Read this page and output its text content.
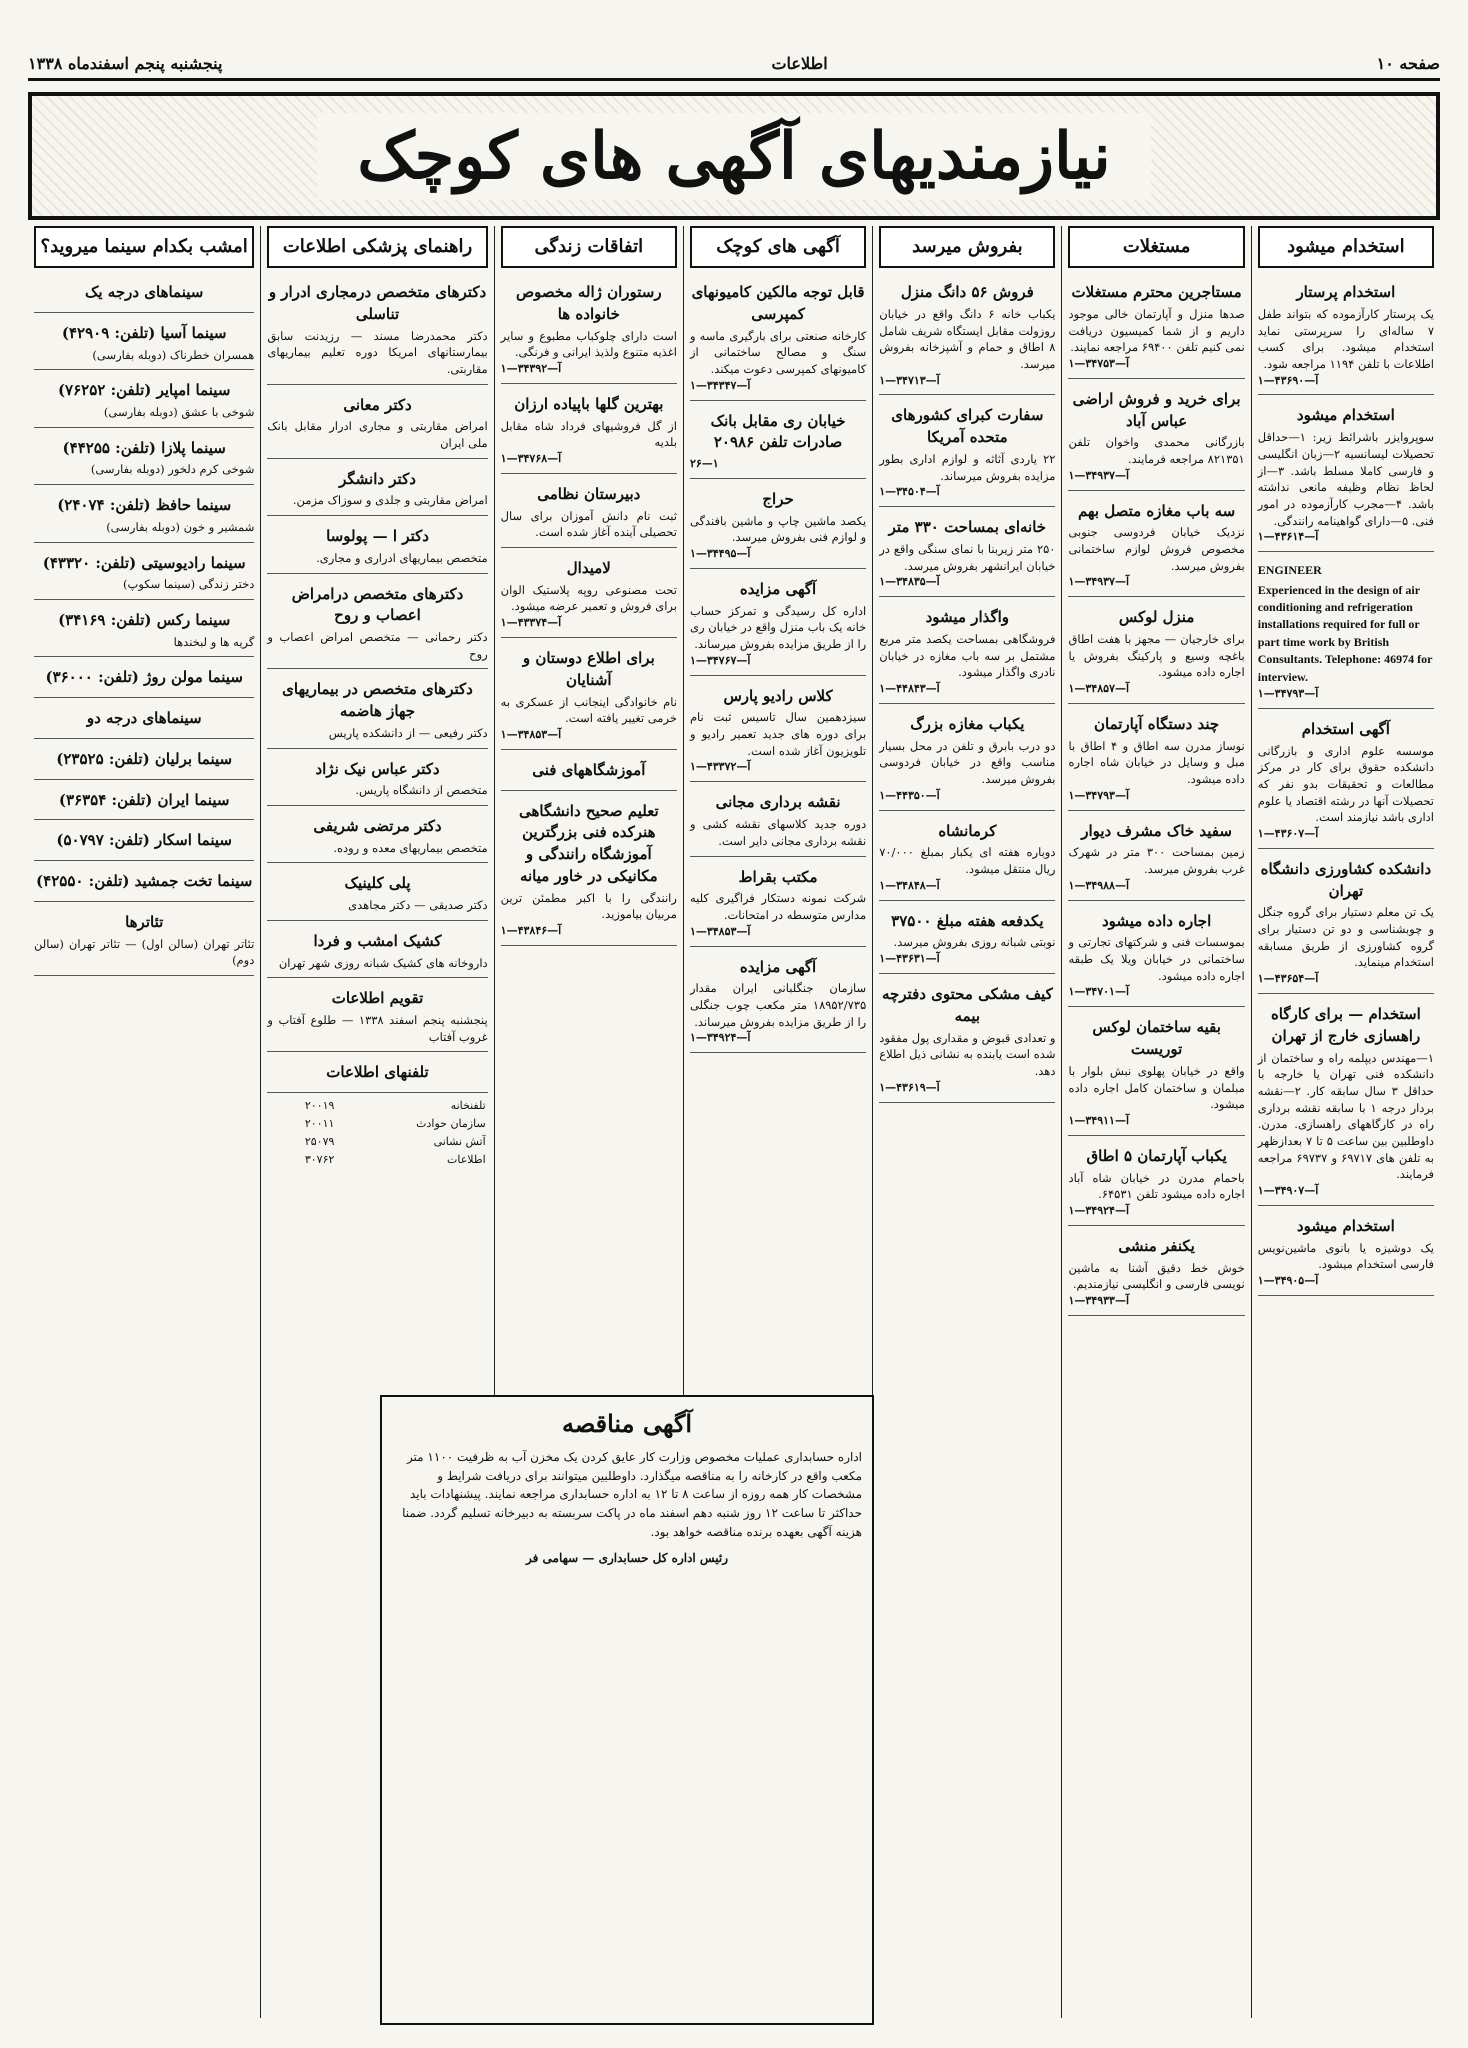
صفحه ۱۰
اطلاعات
پنجشنبه پنجم اسفندماه ۱۳۳۸
نیازمندیهای آگهی های کوچک
استخدام میشود
استخدام پرستار
یک پرستار کارآزموده که بتواند طفل ۷ ساله‌ای را سرپرستی نماید استخدام میشود. برای کسب اطلاعات با تلفن ۱۱۹۴ مراجعه شود.
آ—۴۳۶۹۰—۱
استخدام میشود
سوپروایزر باشرائط زیر: ۱—حداقل تحصیلات لیسانسیه ۲—زبان انگلیسی و فارسی کاملا مسلط باشد. ۳—از لحاظ نظام وظیفه مانعی نداشته باشد. ۴—مجرب کارآزموده در امور فنی. ۵—دارای گواهینامه رانندگی.
آ—۴۳۶۱۴—۱
ENGINEER
Experienced in the design of air conditioning and refrigeration installations required for full or part time work by British Consultants. Telephone: 46974 for interview.
آ—۳۴۷۹۳—۱
آگهی استخدام
موسسه علوم اداری و بازرگانی دانشکده حقوق برای کار در مرکز مطالعات و تحقیقات بدو نفر که تحصیلات آنها در رشته اقتصاد یا علوم اداری باشد نیازمند است.
آ—۴۳۶۰۷—۱
دانشکده کشاورزی دانشگاه تهران
یک تن معلم دستیار برای گروه جنگل و چوبشناسی و دو تن دستیار برای گروه کشاورزی از طریق مسابقه استخدام مینماید.
آ—۴۳۶۵۴—۱
استخدام — برای کارگاه راهسازی خارج از تهران
۱—مهندس دیپلمه راه و ساختمان از دانشکده فنی تهران یا خارجه با حداقل ۳ سال سابقه کار. ۲—نقشه بردار درجه ۱ با سابقه نقشه برداری راه در کارگاههای راهسازی. مدرن. داوطلبین بین ساعت ۵ تا ۷ بعدازظهر به تلفن های ۶۹۷۱۷ و ۶۹۷۳۷ مراجعه فرمایند.
آ—۳۴۹۰۷—۱
استخدام میشود
یک دوشیزه یا بانوی ماشین‌نویس فارسی استخدام میشود.
آ—۳۴۹۰۵—۱
مستغلات
مستاجرین محترم مستغلات
صدها منزل و آپارتمان خالی موجود داریم و از شما کمیسیون دریافت نمی کنیم تلفن ۶۹۴۰۰ مراجعه نمایند.
آ—۳۴۷۵۳—۱
برای خرید و فروش اراضی عباس آباد
بازرگانی محمدی واخوان تلفن ۸۲۱۳۵۱ مراجعه فرمایند.
آ—۳۴۹۳۷—۱
سه باب مغازه متصل بهم
نزدیک خیابان فردوسی جنوبی مخصوص فروش لوازم ساختمانی بفروش میرسد.
آ—۳۴۹۳۷—۱
منزل لوکس
برای خارجیان — مجهز با هفت اطاق باغچه وسیع و پارکینگ بفروش یا اجاره داده میشود.
آ—۳۴۸۵۷—۱
چند دستگاه آپارتمان
نوساز مدرن سه اطاق و ۴ اطاق با مبل و وسایل در خیابان شاه اجاره داده میشود.
آ—۳۴۷۹۳—۱
سفید خاک مشرف دیوار
زمین بمساحت ۳۰۰ متر در شهرک غرب بفروش میرسد.
آ—۳۴۹۸۸—۱
اجاره داده میشود
بموسسات فنی و شرکتهای تجارتی و ساختمانی در خیابان ویلا یک طبقه اجاره داده میشود.
آ—۳۴۷۰۱—۱
بقیه ساختمان لوکس توریست
واقع در خیابان پهلوی نبش بلوار با مبلمان و ساختمان کامل اجاره داده میشود.
آ—۳۴۹۱۱—۱
یکباب آپارتمان ۵ اطاق
باحمام مدرن در خیابان شاه آباد اجاره داده میشود تلفن ۶۴۵۳۱.
آ—۳۴۹۲۴—۱
یکنفر منشی
خوش خط دقیق آشنا به ماشین نویسی فارسی و انگلیسی نیازمندیم.
آ—۳۴۹۳۳—۱
بفروش میرسد
فروش ۵۶ دانگ منزل
یکباب خانه ۶ دانگ واقع در خیابان روزولت مقابل ایستگاه شریف شامل ۸ اطاق و حمام و آشپزخانه بفروش میرسد.
آ—۳۴۷۱۳—۱
سفارت کبرای کشورهای متحده آمریکا
۲۲ یاردی آثاثه و لوازم اداری بطور مزایده بفروش میرساند.
آ—۳۴۵۰۴—۱
خانه‌ای بمساحت ۳۳۰ متر
۲۵۰ متر زیربنا با نمای سنگی واقع در خیابان ایرانشهر بفروش میرسد.
آ—۳۴۸۳۵—۱
واگذار میشود
فروشگاهی بمساحت یکصد متر مربع مشتمل بر سه باب مغازه در خیابان نادری واگذار میشود.
آ—۴۴۸۴۳—۱
یکباب مغازه بزرگ
دو درب بابرق و تلفن در محل بسیار مناسب واقع در خیابان فردوسی بفروش میرسد.
آ—۴۴۳۵۰—۱
کرمانشاه
دوباره هفته ای یکبار بمبلغ ۷۰/۰۰۰ ریال منتقل میشود.
آ—۳۴۸۴۸—۱
یکدفعه هفته مبلغ ۳۷۵۰۰
نوبتی شبانه روزی بفروش میرسد.
آ—۴۳۶۳۱—۱
کیف مشکی محتوی دفترچه بیمه
و تعدادی قبوض و مقداری پول مفقود شده است یابنده به نشانی ذیل اطلاع دهد.
آ—۴۳۶۱۹—۱
آگهی های کوچک
قابل توجه مالکین کامیونهای کمپرسی
کارخانه صنعتی برای بارگیری ماسه و سنگ و مصالح ساختمانی از کامیونهای کمپرسی دعوت میکند.
آ—۳۴۳۴۷—۱
خیابان ری مقابل بانک صادرات تلفن ۲۰۹۸۶
۲۶—۱
حراج
یکصد ماشین چاپ و ماشین بافندگی و لوازم فنی بفروش میرسد.
آ—۳۴۴۹۵—۱
آگهی مزایده
اداره کل رسیدگی و تمرکز حساب خانه یک باب منزل واقع در خیابان ری را از طریق مزایده بفروش میرساند.
آ—۳۴۷۶۷—۱
کلاس رادیو پارس
سیزدهمین سال تاسیس ثبت نام برای دوره های جدید تعمیر رادیو و تلویزیون آغاز شده است.
آ—۴۳۳۷۲—۱
نقشه برداری مجانی
دوره جدید کلاسهای نقشه کشی و نقشه برداری مجانی دایر است.
مکتب بقراط
شرکت نمونه دستکار فراگیری کلیه مدارس متوسطه در امتحانات.
آ—۳۴۸۵۳—۱
آگهی مزایده
سازمان جنگلبانی ایران مقدار ۱۸۹۵۲/۷۳۵ متر مکعب چوب جنگلی را از طریق مزایده بفروش میرساند.
آ—۳۴۹۲۴—۱
اتفاقات زندگی
رستوران ژاله مخصوص خانواده ها
است دارای چلوکباب مطبوع و سایر اغذیه متنوع ولذیذ ایرانی و فرنگی.
آ—۳۴۳۹۲—۱
بهترین گلها باپیاده ارزان
از گل فروشیهای فرداد شاه مقابل بلدیه
آ—۳۴۷۶۸—۱
دبیرستان نظامی
ثبت نام دانش آموزان برای سال تحصیلی آینده آغاز شده است.
لامیدال
تحت مصنوعی روپه پلاستیک الوان برای فروش و تعمیر عرضه میشود.
آ—۴۳۳۷۴—۱
برای اطلاع دوستان و آشنایان
نام خانوادگی اینجانب از عسکری به خرمی تغییر یافته است.
آ—۳۴۸۵۳—۱
آموزشگاههای فنی
تعلیم صحیح دانشگاهی هنرکده فنی بزرگترین آموزشگاه رانندگی و مکانیکی در خاور میانه
رانندگی را با اکبر مطمئن ترین مربیان بیاموزید.
آ—۴۳۸۴۶—۱
راهنمای پزشکی اطلاعات
دکترهای متخصص درمجاری ادرار و تناسلی
دکتر محمدرضا مسند — رزیدنت سابق بیمارستانهای امریکا دوره تعلیم بیماریهای مقاربتی.
دکتر معانی
امراض مقاربتی و مجاری ادرار مقابل بانک ملی ایران
دکتر دانشگر
امراض مقاربتی و جلدی و سوزاک مزمن.
دکتر ا — پولوسا
متخصص بیماریهای ادراری و مجاری.
دکترهای متخصص درامراض اعصاب و روح
دکتر رحمانی — متخصص امراض اعصاب و روح
دکترهای متخصص در بیماریهای جهاز هاضمه
دکتر رفیعی — از دانشکده پاریس
دکتر عباس نیک نژاد
متخصص از دانشگاه پاریس.
دکتر مرتضی شریفی
متخصص بیماریهای معده و روده.
پلی کلینیک
دکتر صدیقی — دکتر مجاهدی
کشیک امشب و فردا
داروخانه های کشیک شبانه روزی شهر تهران
تقویم اطلاعات
پنجشنبه پنجم اسفند ۱۳۳۸ — طلوع آفتاب و غروب آفتاب
تلفنهای اطلاعات
تلفنخانه	۲۰۰۱۹
سازمان حوادث	۲۰۰۱۱
آتش نشانی	۲۵۰۷۹
اطلاعات	۳۰۷۶۲
امشب بکدام سینما میروید؟
سینماهای درجه یک
سینما آسیا (تلفن: ۴۲۹۰۹)
همسران خطرناک (دوبله بفارسی)
سینما امپایر (تلفن: ۷۶۲۵۲)
شوخی با عشق (دوبله بفارسی)
سینما پلازا (تلفن: ۴۴۲۵۵)
شوخی کرم دلخور (دوبله بفارسی)
سینما حافظ (تلفن: ۲۴۰۷۴)
شمشیر و خون (دوبله بفارسی)
سینما رادیوسیتی (تلفن: ۴۳۳۲۰)
دختر زندگی (سینما سکوپ)
سینما رکس (تلفن: ۳۴۱۶۹)
گریه ها و لبخندها
سینما مولن روژ (تلفن: ۳۶۰۰۰)
سینماهای درجه دو
سینما برلیان (تلفن: ۲۳۵۲۵)
سینما ایران (تلفن: ۳۶۳۵۴)
سینما اسکار (تلفن: ۵۰۷۹۷)
سینما تخت جمشید (تلفن: ۴۲۵۵۰)
تئاترها
تئاتر تهران (سالن اول) — تئاتر تهران (سالن دوم)
آگهی مناقصه
اداره حسابداری عملیات مخصوص وزارت کار عایق کردن یک مخزن آب به ظرفیت ۱۱۰۰ متر مکعب واقع در کارخانه را به مناقصه میگذارد. داوطلبین میتوانند برای دریافت شرایط و مشخصات کار همه روزه از ساعت ۸ تا ۱۲ به اداره حسابداری مراجعه نمایند. پیشنهادات باید حداکثر تا ساعت ۱۲ روز شنبه دهم اسفند ماه در پاکت سربسته به دبیرخانه تسلیم گردد. ضمنا هزینه آگهی بعهده برنده مناقصه خواهد بود.
رئیس اداره کل حسابداری — سهامی فر
